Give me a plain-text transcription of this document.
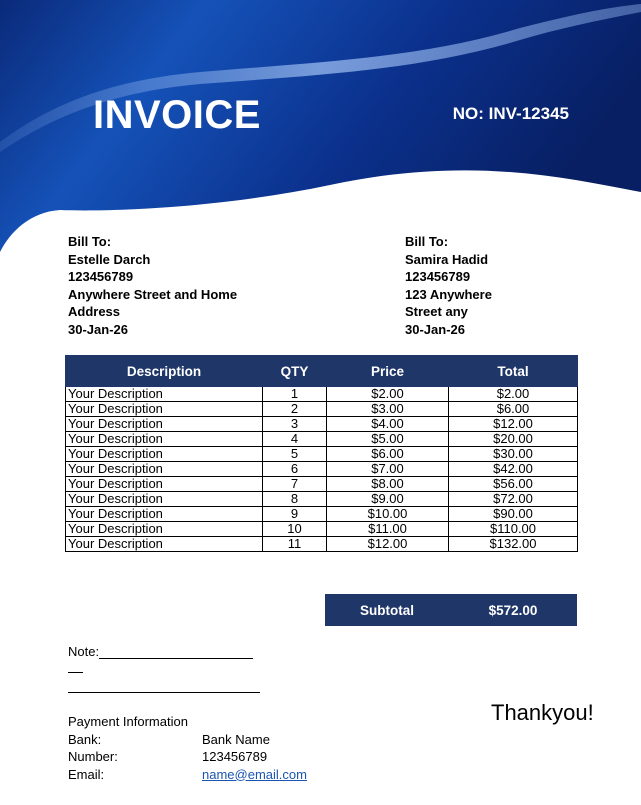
INVOICE	NO: INV-12345
Bill To:
Estelle Darch
123456789
Anywhere Street and Home
Address
30-Jan-26
Bill To:
Samira Hadid
123456789
123 Anywhere
Street any
30-Jan-26
Description	QTY	Price	Total
Your Description	1	$2.00	$2.00
Your Description	2	$3.00	$6.00
Your Description	3	$4.00	$12.00
Your Description	4	$5.00	$20.00
Your Description	5	$6.00	$30.00
Your Description	6	$7.00	$42.00
Your Description	7	$8.00	$56.00
Your Description	8	$9.00	$72.00
Your Description	9	$10.00	$90.00
Your Description	10	$11.00	$110.00
Your Description	11	$12.00	$132.00
Subtotal	$572.00
Note:
Payment Information
Bank:	Bank Name
Number:	123456789
Email:	name@email.com
Thankyou!
